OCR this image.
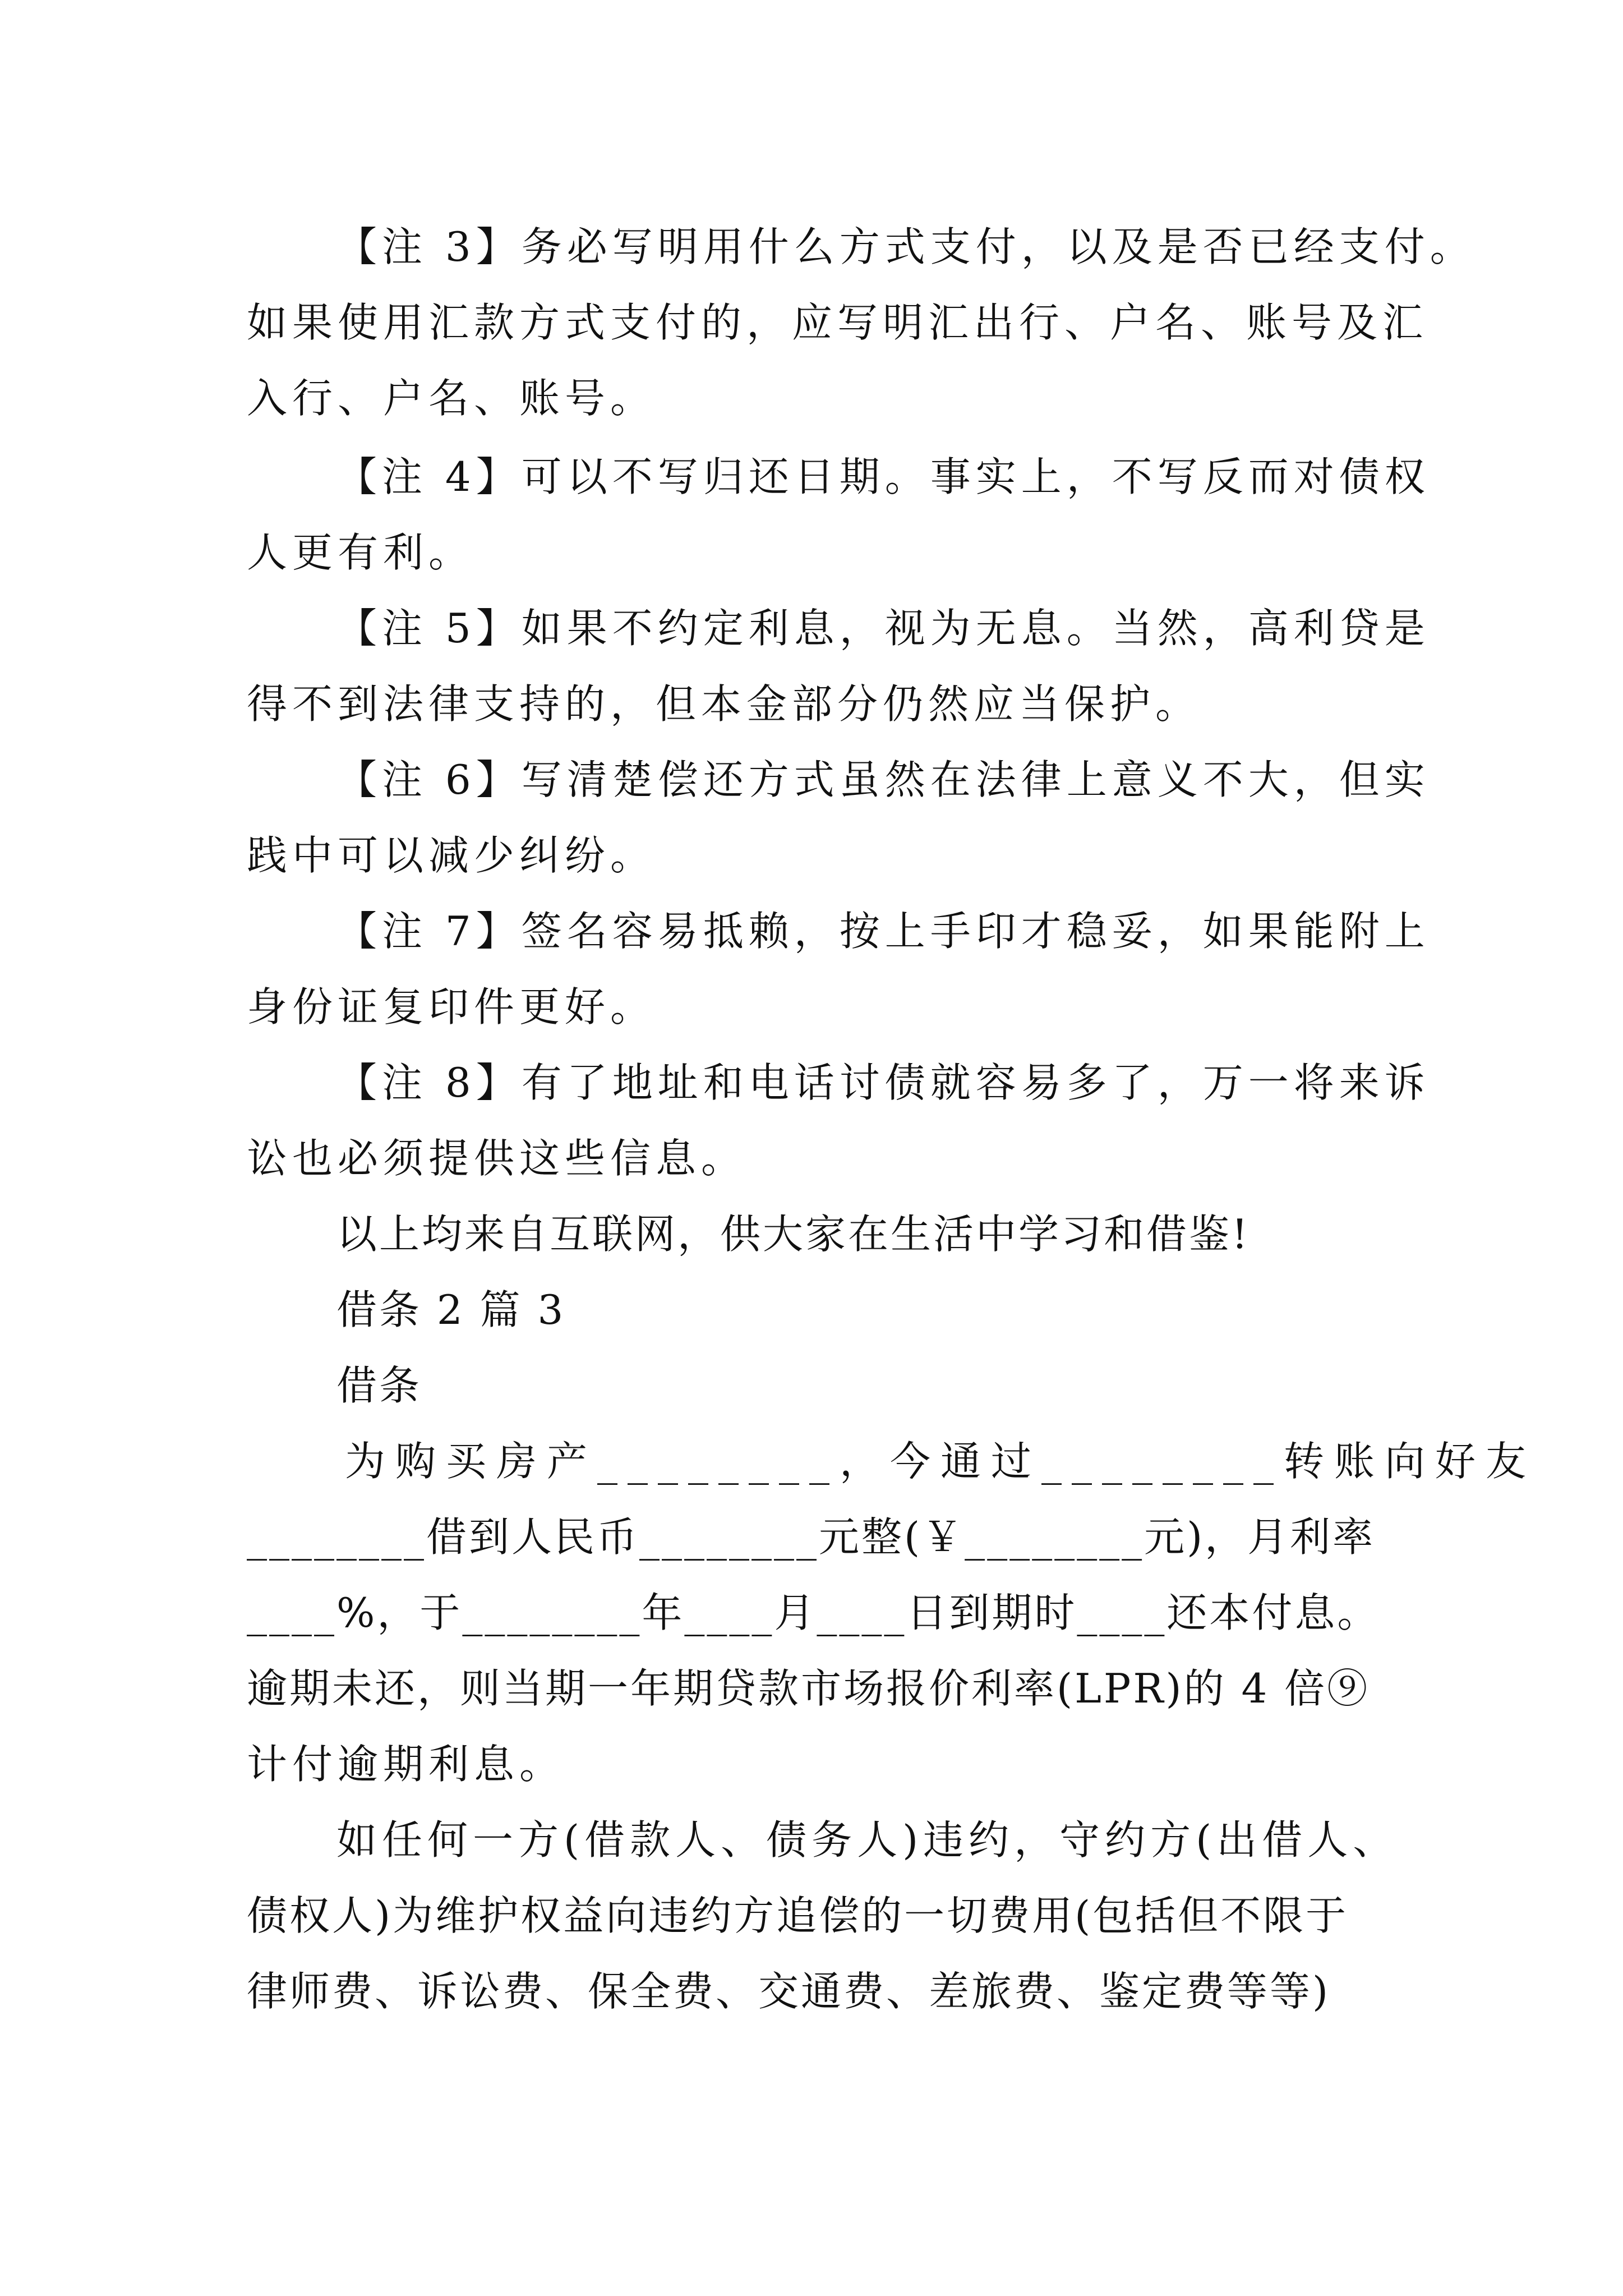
【注 3】务必写明用什么方式支付，以及是否已经支付。
如果使用汇款方式支付的，应写明汇出行、户名、账号及汇
入行、户名、账号。
【注 4】可以不写归还日期。事实上，不写反而对债权
人更有利。
【注 5】如果不约定利息，视为无息。当然，高利贷是
得不到法律支持的，但本金部分仍然应当保护。
【注 6】写清楚偿还方式虽然在法律上意义不大，但实
践中可以减少纠纷。
【注 7】签名容易抵赖，按上手印才稳妥，如果能附上
身份证复印件更好。
【注 8】有了地址和电话讨债就容易多了，万一将来诉
讼也必须提供这些信息。
以上均来自互联网，供大家在生活中学习和借鉴!
借条 2 篇 3
借条
为购买房产________，今通过________转账向好友
________借到人民币________元整(￥________元)，月利率
____%，于________年____月____日到期时____还本付息。
逾期未还，则当期一年期贷款市场报价利率(LPR)的 4 倍⑨
计付逾期利息。
如任何一方(借款人、债务人)违约，守约方(出借人、
债权人)为维护权益向违约方追偿的一切费用(包括但不限于
律师费、诉讼费、保全费、交通费、差旅费、鉴定费等等)
